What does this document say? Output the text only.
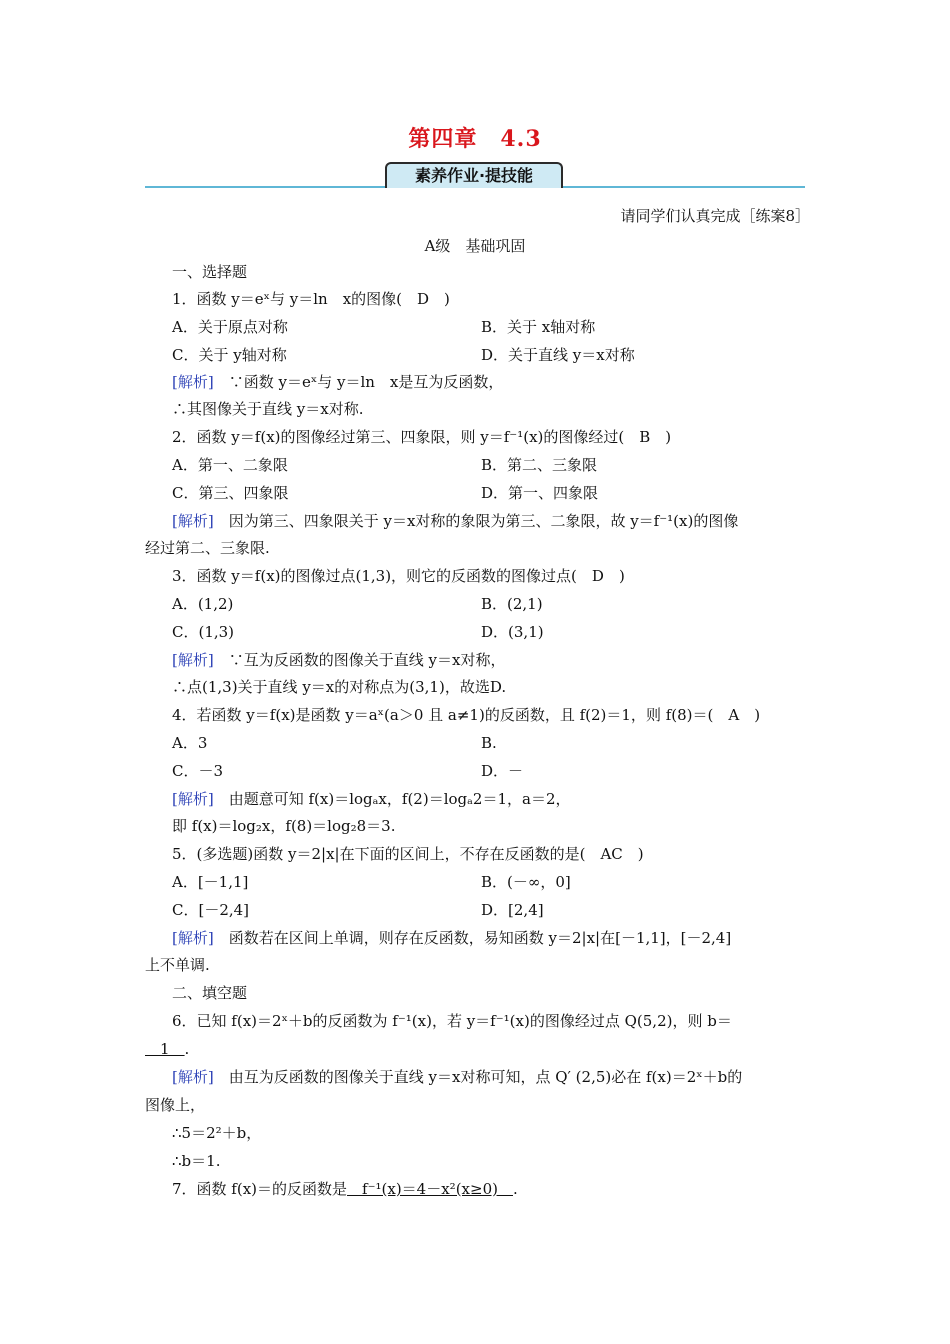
第四章　4.3
素养作业·提技能
请同学们认真完成［练案8］
A级　基础巩固
一、选择题
1．函数 y＝eˣ与 y＝ln　x的图像(　D　)
A．关于原点对称	B．关于 x轴对称
C．关于 y轴对称	D．关于直线 y＝x对称
[解析]　 ∵函数 y＝eˣ与 y＝ln　x是互为反函数，
∴其图像关于直线 y＝x对称.
2．函数 y＝f(x)的图像经过第三、四象限，则 y＝f⁻¹(x)的图像经过(　B　)
A．第一、二象限	B．第二、三象限
C．第三、四象限	D．第一、四象限
[解析]　 因为第三、四象限关于 y＝x对称的象限为第三、二象限，故 y＝f⁻¹(x)的图像
经过第二、三象限.
3．函数 y＝f(x)的图像过点(1,3)，则它的反函数的图像过点(　D　)
A．(1,2)	B．(2,1)
C．(1,3)	D．(3,1)
[解析]　 ∵互为反函数的图像关于直线 y＝x对称，
∴点(1,3)关于直线 y＝x的对称点为(3,1)，故选D.
4．若函数 y＝f(x)是函数 y＝aˣ(a＞0 且 a≠1)的反函数，且 f(2)＝1，则 f(8)＝(　A　)
A．3	B.
C．－3	D．－
[解析]　 由题意可知 f(x)＝logₐx，f(2)＝logₐ2＝1，a＝2，
即 f(x)＝log₂x，f(8)＝log₂8＝3.
5．(多选题)函数 y＝2|x|在下面的区间上，不存在反函数的是(　AC　)
A．[－1,1]	B．(－∞，0]
C．[－2,4]	D．[2,4]
[解析]　 函数若在区间上单调，则存在反函数，易知函数 y＝2|x|在[－1,1]，[－2,4]
上不单调.
二、填空题
6．已知 f(x)＝2ˣ＋b的反函数为 f⁻¹(x)，若 y＝f⁻¹(x)的图像经过点 Q(5,2)，则 b＝
　1　.
[解析]　 由互为反函数的图像关于直线 y＝x对称可知，点 Q′ (2,5)必在 f(x)＝2ˣ＋b的
图像上，
∴5＝2²＋b，
∴b＝1.
7．函数 f(x)＝的反函数是　f⁻¹(x)＝4－x²(x≥0)　.
